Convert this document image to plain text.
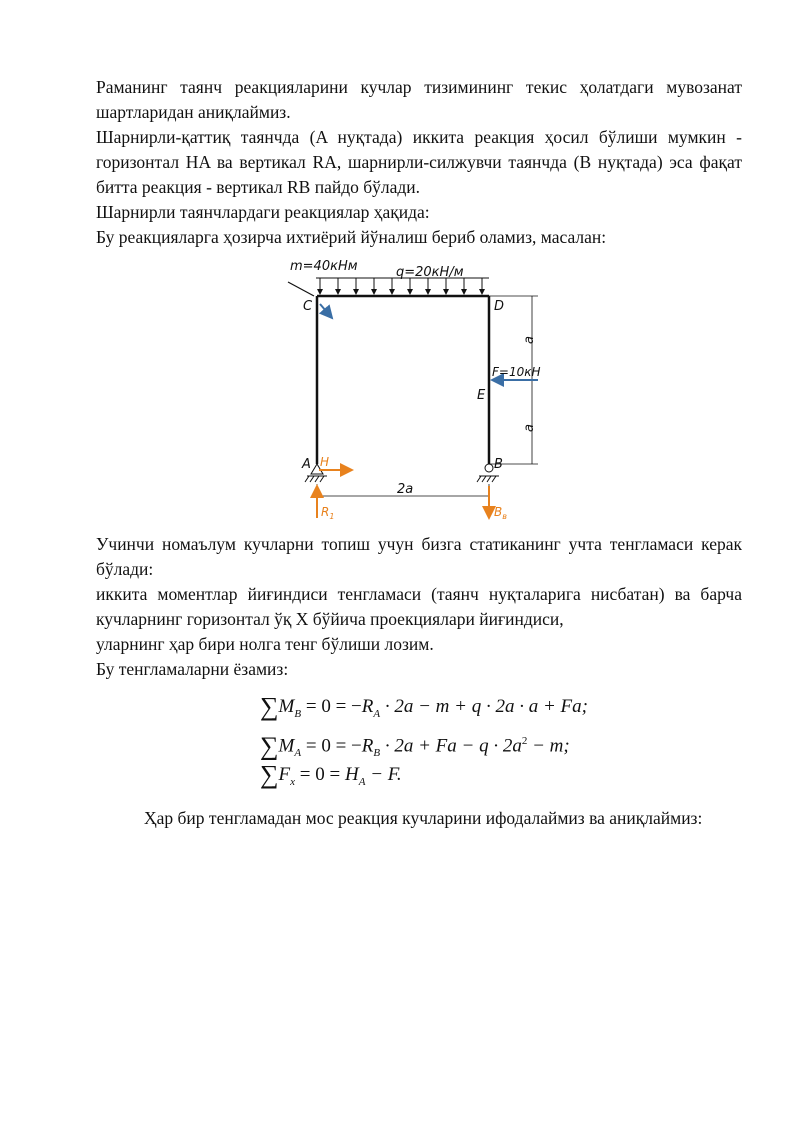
Раманинг таянч реакцияларини кучлар тизимининг текис ҳолатдаги мувозанат шартларидан аниқлаймиз.

Шарнирли-қаттиқ таянчда (A нуқтада) иккита реакция ҳосил бўлиши мумкин - горизонтал HA ва вертикал RA, шарнирли-силжувчи таянчда (B нуқтада) эса фақат битта реакция - вертикал RB пайдо бўлади.

Шарнирли таянчлардаги реакциялар ҳақида:

Бу реакцияларга ҳозирча ихтиёрий йўналиш бериб оламиз, масалан:

m=40кНм	q=20кН/м
C	D
E
A	B
a
a
F=10кН
H
2a
$R_1$	$B_в$

Учинчи номаълум кучларни топиш учун бизга статиканинг учта тенгламаси керак бўлади:

иккита моментлар йиғиндиси тенгламаси (таянч нуқталарига нисбатан) ва барча кучларнинг горизонтал ўқ X бўйича проекциялари йиғиндиси,

уларнинг ҳар бири нолга тенг бўлиши лозим.

Бу тенгламаларни ёзамиз:

$\sum M_B = 0 = -R_A \cdot 2a - m + q \cdot 2a \cdot a + Fa$;
$\sum M_A = 0 = -R_B \cdot 2a + Fa - q \cdot 2a^2 - m$;
$\sum F_x = 0 = H_A - F$.

Ҳар бир тенгламадан мос реакция кучларини ифодалаймиз ва аниқлаймиз:
